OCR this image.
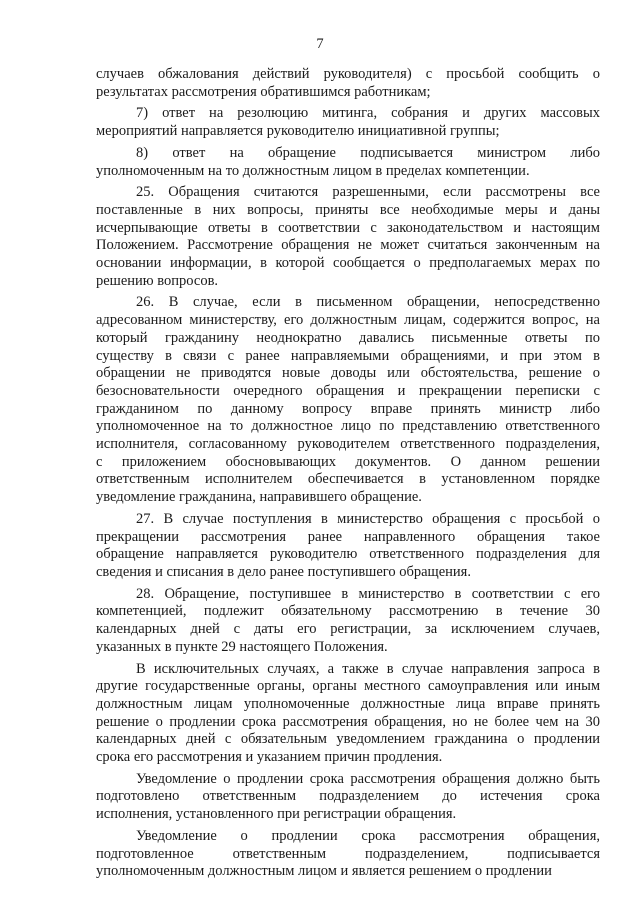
7
случаев обжалования действий руководителя) с просьбой сообщить о
результатах рассмотрения обратившимся работникам;
7) ответ на резолюцию митинга, собрания и других массовых
мероприятий направляется руководителю инициативной группы;
8) ответ на обращение подписывается министром либо
уполномоченным на то должностным лицом в пределах компетенции.
25. Обращения считаются разрешенными, если рассмотрены все
поставленные в них вопросы, приняты все необходимые меры и даны
исчерпывающие ответы в соответствии с законодательством и настоящим
Положением. Рассмотрение обращения не может считаться законченным на
основании информации, в которой сообщается о предполагаемых мерах по
решению вопросов.
26. В случае, если в письменном обращении, непосредственно
адресованном министерству, его должностным лицам, содержится вопрос, на
который гражданину неоднократно давались письменные ответы по
существу в связи с ранее направляемыми обращениями, и при этом в
обращении не приводятся новые доводы или обстоятельства, решение о
безосновательности очередного обращения и прекращении переписки с
гражданином по данному вопросу вправе принять министр либо
уполномоченное на то должностное лицо по представлению ответственного
исполнителя, согласованному руководителем ответственного подразделения,
с приложением обосновывающих документов. О данном решении
ответственным исполнителем обеспечивается в установленном порядке
уведомление гражданина, направившего обращение.
27. В случае поступления в министерство обращения с просьбой о
прекращении рассмотрения ранее направленного обращения такое
обращение направляется руководителю ответственного подразделения для
сведения и списания в дело ранее поступившего обращения.
28. Обращение, поступившее в министерство в соответствии с его
компетенцией, подлежит обязательному рассмотрению в течение 30
календарных дней с даты его регистрации, за исключением случаев,
указанных в пункте 29 настоящего Положения.
В исключительных случаях, а также в случае направления запроса в
другие государственные органы, органы местного самоуправления или иным
должностным лицам уполномоченные должностные лица вправе принять
решение о продлении срока рассмотрения обращения, но не более чем на 30
календарных дней с обязательным уведомлением гражданина о продлении
срока его рассмотрения и указанием причин продления.
Уведомление о продлении срока рассмотрения обращения должно быть
подготовлено ответственным подразделением до истечения срока
исполнения, установленного при регистрации обращения.
Уведомление о продлении срока рассмотрения обращения,
подготовленное ответственным подразделением, подписывается
уполномоченным должностным лицом и является решением о продлении
